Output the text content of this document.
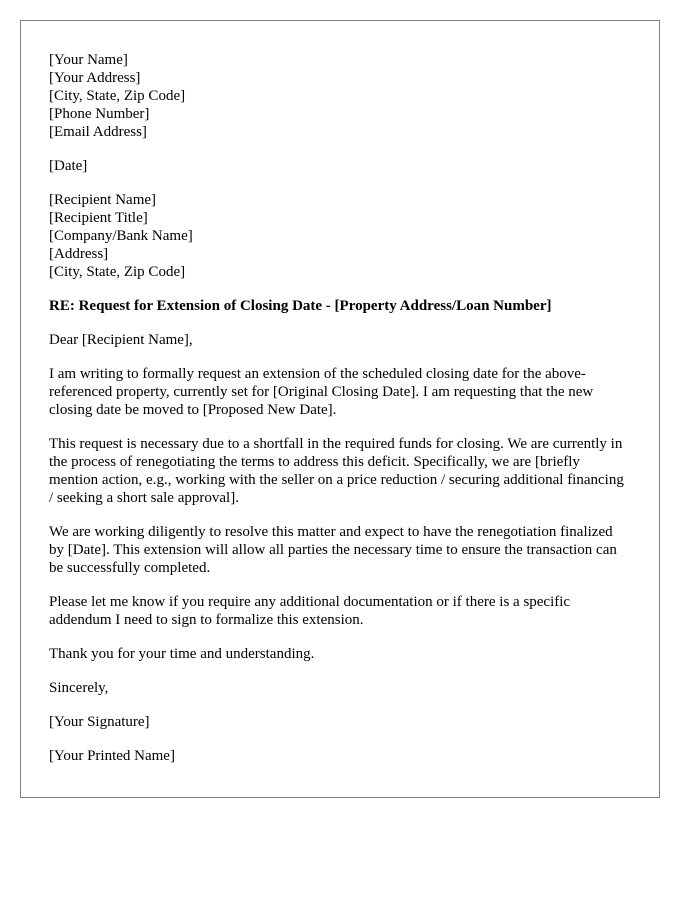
[Your Name]
[Your Address]
[City, State, Zip Code]
[Phone Number]
[Email Address]
[Date]
[Recipient Name]
[Recipient Title]
[Company/Bank Name]
[Address]
[City, State, Zip Code]
RE: Request for Extension of Closing Date - [Property Address/Loan Number]

Dear [Recipient Name],

I am writing to formally request an extension of the scheduled closing date for the above-referenced property, currently set for [Original Closing Date]. I am requesting that the new closing date be moved to [Proposed New Date].

This request is necessary due to a shortfall in the required funds for closing. We are currently in the process of renegotiating the terms to address this deficit. Specifically, we are [briefly mention action, e.g., working with the seller on a price reduction / securing additional financing / seeking a short sale approval].

We are working diligently to resolve this matter and expect to have the renegotiation finalized by [Date]. This extension will allow all parties the necessary time to ensure the transaction can be successfully completed.

Please let me know if you require any additional documentation or if there is a specific addendum I need to sign to formalize this extension.

Thank you for your time and understanding.

Sincerely,

[Your Signature]

[Your Printed Name]
